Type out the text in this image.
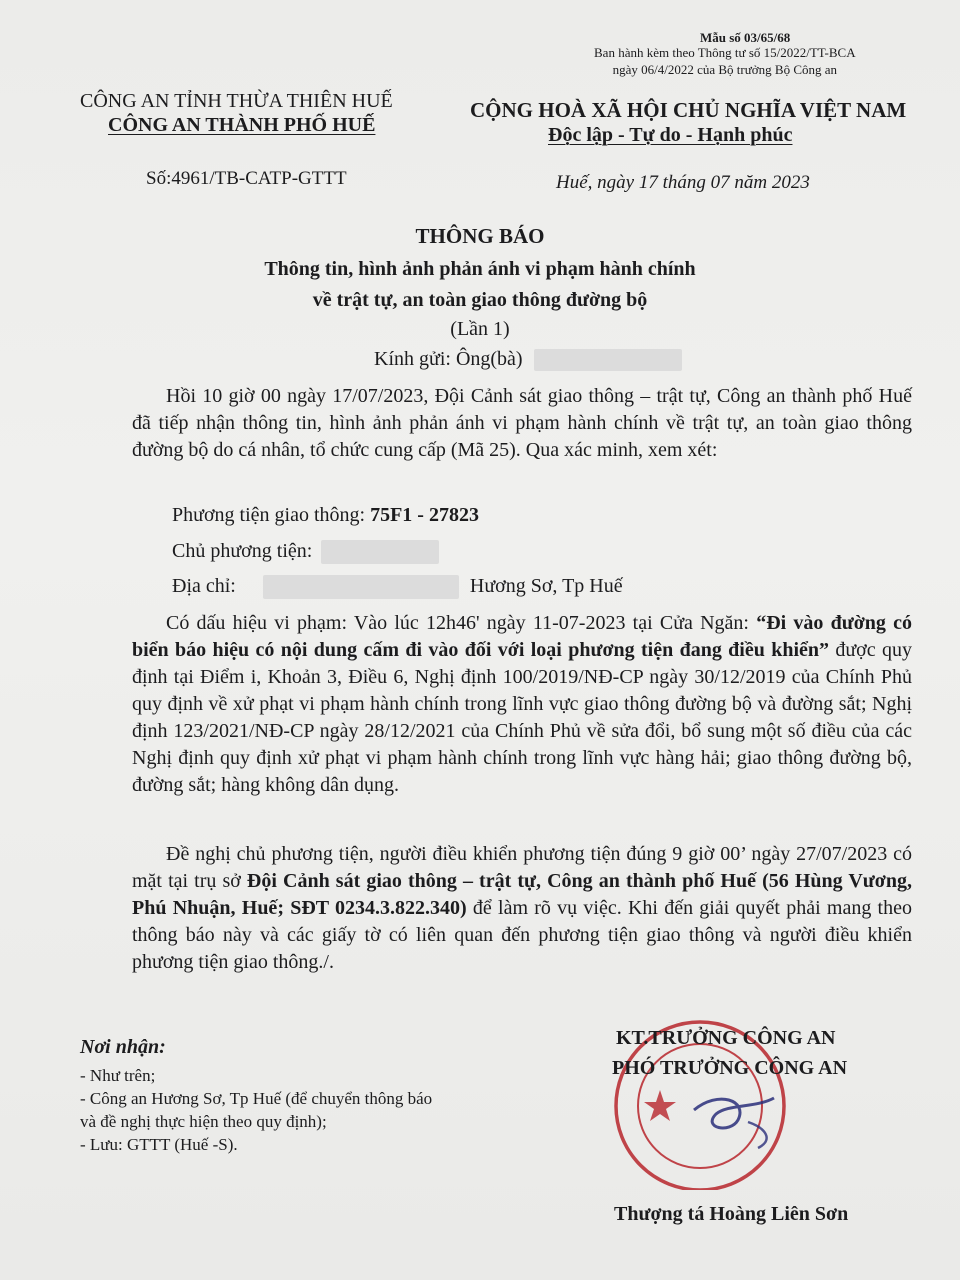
Mẫu số 03/65/68
Ban hành kèm theo Thông tư số 15/2022/TT-BCA
ngày 06/4/2022 của Bộ trưởng Bộ Công an
CÔNG AN TỈNH THỪA THIÊN HUẾ
CÔNG AN THÀNH PHỐ HUẾ
Số:4961/TB-CATP-GTTT
CỘNG HOÀ XÃ HỘI CHỦ NGHĨA VIỆT NAM
Độc lập - Tự do - Hạnh phúc
Huế, ngày 17 tháng 07 năm 2023
THÔNG BÁO
Thông tin, hình ảnh phản ánh vi phạm hành chính
về trật tự, an toàn giao thông đường bộ
(Lần 1)
Kính gửi: Ông(bà)
Hồi 10 giờ 00 ngày 17/07/2023, Đội Cảnh sát giao thông – trật tự, Công an thành phố Huế đã tiếp nhận thông tin, hình ảnh phản ánh vi phạm hành chính về trật tự, an toàn giao thông đường bộ do cá nhân, tổ chức cung cấp (Mã 25). Qua xác minh, xem xét:
Phương tiện giao thông: 75F1 - 27823
Chủ phương tiện:
Địa chỉ:	Hương Sơ, Tp Huế
Có dấu hiệu vi phạm: Vào lúc 12h46' ngày 11-07-2023 tại Cửa Ngăn: “Đi vào đường có biển báo hiệu có nội dung cấm đi vào đối với loại phương tiện đang điều khiển” được quy định tại Điểm i, Khoản 3, Điều 6, Nghị định 100/2019/NĐ-CP ngày 30/12/2019 của Chính Phủ quy định về xử phạt vi phạm hành chính trong lĩnh vực giao thông đường bộ và đường sắt; Nghị định 123/2021/NĐ-CP ngày 28/12/2021 của Chính Phủ về sửa đổi, bổ sung một số điều của các Nghị định quy định xử phạt vi phạm hành chính trong lĩnh vực hàng hải; giao thông đường bộ, đường sắt; hàng không dân dụng.
Đề nghị chủ phương tiện, người điều khiển phương tiện đúng 9 giờ 00’ ngày 27/07/2023 có mặt tại trụ sở Đội Cảnh sát giao thông – trật tự, Công an thành phố Huế (56 Hùng Vương, Phú Nhuận, Huế; SĐT 0234.3.822.340) để làm rõ vụ việc. Khi đến giải quyết phải mang theo thông báo này và các giấy tờ có liên quan đến phương tiện giao thông và người điều khiển phương tiện giao thông./.
Nơi nhận:
- Như trên;
- Công an Hương Sơ, Tp Huế (để chuyển thông báo
và đề nghị thực hiện theo quy định);
- Lưu: GTTT (Huế -S).
KT.TRƯỞNG CÔNG AN
PHÓ TRƯỞNG CÔNG AN
Thượng tá Hoàng Liên Sơn
